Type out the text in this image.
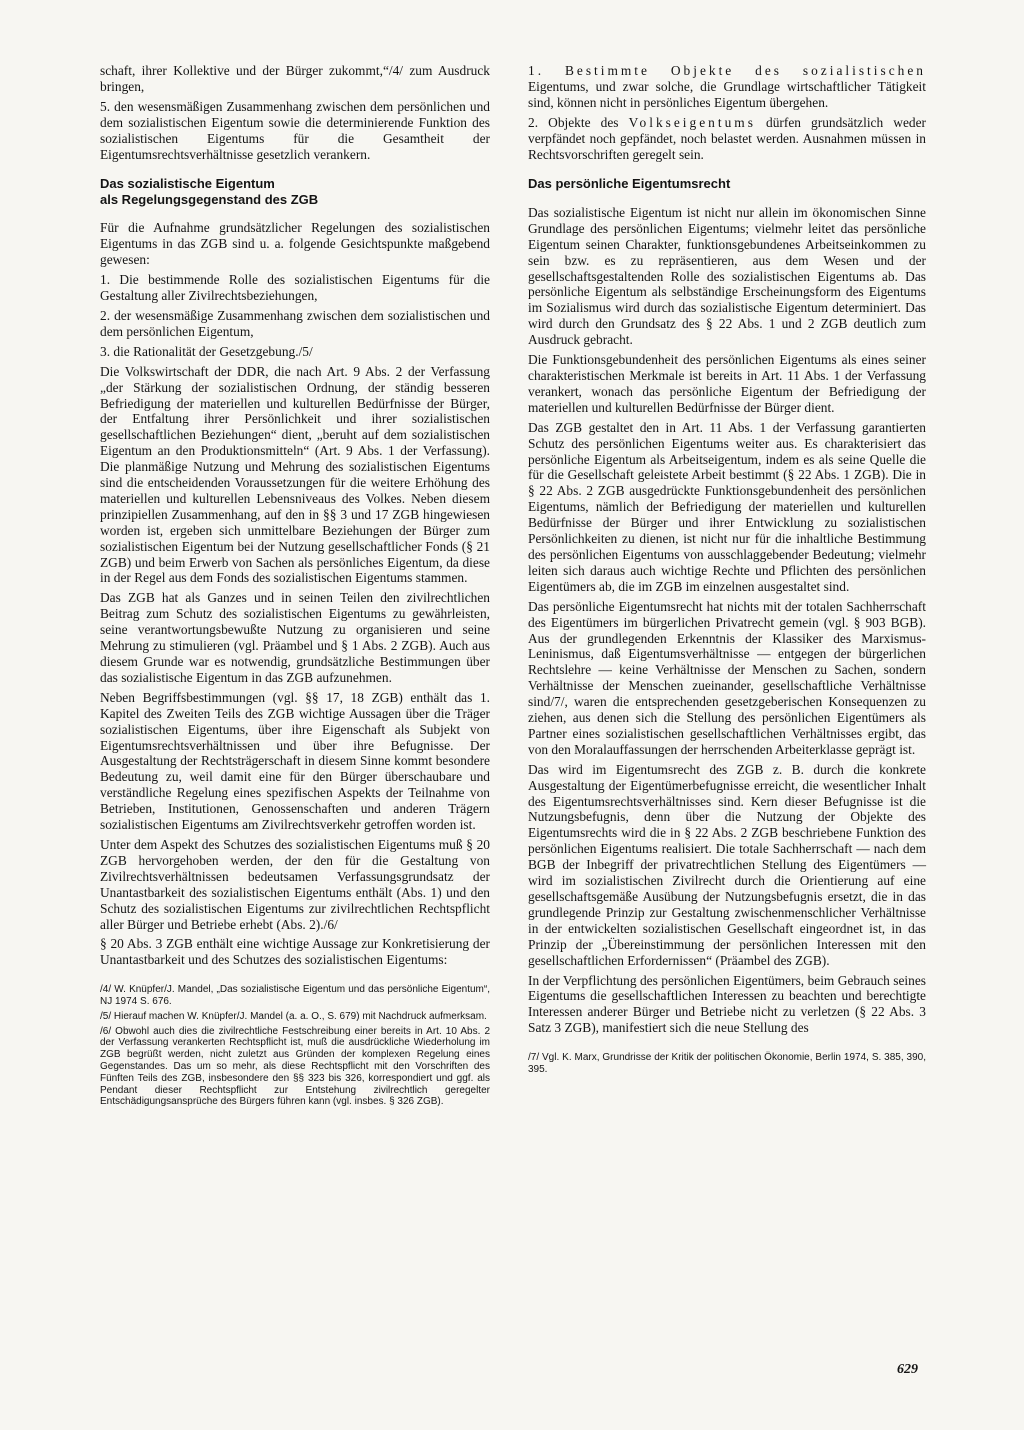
schaft, ihrer Kollektive und der Bürger zukommt,“/4/ zum Ausdruck bringen,

5. den wesensmäßigen Zusammenhang zwischen dem persönlichen und dem sozialistischen Eigentum sowie die determinierende Funktion des sozialistischen Eigentums für die Gesamtheit der Eigentumsrechtsverhältnisse gesetzlich verankern.

Das sozialistische Eigentum
als Regelungsgegenstand des ZGB

Für die Aufnahme grundsätzlicher Regelungen des sozialistischen Eigentums in das ZGB sind u. a. folgende Gesichtspunkte maßgebend gewesen:

1. Die bestimmende Rolle des sozialistischen Eigentums für die Gestaltung aller Zivilrechtsbeziehungen,

2. der wesensmäßige Zusammenhang zwischen dem sozialistischen und dem persönlichen Eigentum,

3. die Rationalität der Gesetzgebung./5/

Die Volkswirtschaft der DDR, die nach Art. 9 Abs. 2 der Verfassung „der Stärkung der sozialistischen Ordnung, der ständig besseren Befriedigung der materiellen und kulturellen Bedürfnisse der Bürger, der Entfaltung ihrer Persönlichkeit und ihrer sozialistischen gesellschaftlichen Beziehungen“ dient, „beruht auf dem sozialistischen Eigentum an den Produktionsmitteln“ (Art. 9 Abs. 1 der Verfassung). Die planmäßige Nutzung und Mehrung des sozialistischen Eigentums sind die entscheidenden Voraussetzungen für die weitere Erhöhung des materiellen und kulturellen Lebensniveaus des Volkes. Neben diesem prinzipiellen Zusammenhang, auf den in §§ 3 und 17 ZGB hingewiesen worden ist, ergeben sich unmittelbare Beziehungen der Bürger zum sozialistischen Eigentum bei der Nutzung gesellschaftlicher Fonds (§ 21 ZGB) und beim Erwerb von Sachen als persönliches Eigentum, da diese in der Regel aus dem Fonds des sozialistischen Eigentums stammen.

Das ZGB hat als Ganzes und in seinen Teilen den zivilrechtlichen Beitrag zum Schutz des sozialistischen Eigentums zu gewährleisten, seine verantwortungsbewußte Nutzung zu organisieren und seine Mehrung zu stimulieren (vgl. Präambel und § 1 Abs. 2 ZGB). Auch aus diesem Grunde war es notwendig, grundsätzliche Bestimmungen über das sozialistische Eigentum in das ZGB aufzunehmen.

Neben Begriffsbestimmungen (vgl. §§ 17, 18 ZGB) enthält das 1. Kapitel des Zweiten Teils des ZGB wichtige Aussagen über die Träger sozialistischen Eigentums, über ihre Eigenschaft als Subjekt von Eigentumsrechtsverhältnissen und über ihre Befugnisse. Der Ausgestaltung der Rechtsträgerschaft in diesem Sinne kommt besondere Bedeutung zu, weil damit eine für den Bürger überschaubare und verständliche Regelung eines spezifischen Aspekts der Teilnahme von Betrieben, Institutionen, Genossenschaften und anderen Trägern sozialistischen Eigentums am Zivilrechtsverkehr getroffen worden ist.

Unter dem Aspekt des Schutzes des sozialistischen Eigentums muß § 20 ZGB hervorgehoben werden, der den für die Gestaltung von Zivilrechtsverhältnissen bedeutsamen Verfassungsgrundsatz der Unantastbarkeit des sozialistischen Eigentums enthält (Abs. 1) und den Schutz des sozialistischen Eigentums zur zivilrechtlichen Rechtspflicht aller Bürger und Betriebe erhebt (Abs. 2)./6/

§ 20 Abs. 3 ZGB enthält eine wichtige Aussage zur Konkretisierung der Unantastbarkeit und des Schutzes des sozialistischen Eigentums:

/4/ W. Knüpfer/J. Mandel, „Das sozialistische Eigentum und das persönliche Eigentum“, NJ 1974 S. 676.

/5/ Hierauf machen W. Knüpfer/J. Mandel (a. a. O., S. 679) mit Nachdruck aufmerksam.

/6/ Obwohl auch dies die zivilrechtliche Festschreibung einer bereits in Art. 10 Abs. 2 der Verfassung verankerten Rechtspflicht ist, muß die ausdrückliche Wiederholung im ZGB begrüßt werden, nicht zuletzt aus Gründen der komplexen Regelung eines Gegenstandes. Das um so mehr, als diese Rechtspflicht mit den Vorschriften des Fünften Teils des ZGB, insbesondere den §§ 323 bis 326, korrespondiert und ggf. als Pendant dieser Rechtspflicht zur Entstehung zivilrechtlich geregelter Entschädigungsansprüche des Bürgers führen kann (vgl. insbes. § 326 ZGB).

1. Bestimmte Objekte des sozialistischen Eigentums, und zwar solche, die Grundlage wirtschaftlicher Tätigkeit sind, können nicht in persönliches Eigentum übergehen.

2. Objekte des Volkseigentums dürfen grundsätzlich weder verpfändet noch gepfändet, noch belastet werden. Ausnahmen müssen in Rechtsvorschriften geregelt sein.

Das persönliche Eigentumsrecht

Das sozialistische Eigentum ist nicht nur allein im ökonomischen Sinne Grundlage des persönlichen Eigentums; vielmehr leitet das persönliche Eigentum seinen Charakter, funktionsgebundenes Arbeitseinkommen zu sein bzw. es zu repräsentieren, aus dem Wesen und der gesellschaftsgestaltenden Rolle des sozialistischen Eigentums ab. Das persönliche Eigentum als selbständige Erscheinungsform des Eigentums im Sozialismus wird durch das sozialistische Eigentum determiniert. Das wird durch den Grundsatz des § 22 Abs. 1 und 2 ZGB deutlich zum Ausdruck gebracht.

Die Funktionsgebundenheit des persönlichen Eigentums als eines seiner charakteristischen Merkmale ist bereits in Art. 11 Abs. 1 der Verfassung verankert, wonach das persönliche Eigentum der Befriedigung der materiellen und kulturellen Bedürfnisse der Bürger dient.

Das ZGB gestaltet den in Art. 11 Abs. 1 der Verfassung garantierten Schutz des persönlichen Eigentums weiter aus. Es charakterisiert das persönliche Eigentum als Arbeitseigentum, indem es als seine Quelle die für die Gesellschaft geleistete Arbeit bestimmt (§ 22 Abs. 1 ZGB). Die in § 22 Abs. 2 ZGB ausgedrückte Funktionsgebundenheit des persönlichen Eigentums, nämlich der Befriedigung der materiellen und kulturellen Bedürfnisse der Bürger und ihrer Entwicklung zu sozialistischen Persönlichkeiten zu dienen, ist nicht nur für die inhaltliche Bestimmung des persönlichen Eigentums von ausschlaggebender Bedeutung; vielmehr leiten sich daraus auch wichtige Rechte und Pflichten des persönlichen Eigentümers ab, die im ZGB im einzelnen ausgestaltet sind.

Das persönliche Eigentumsrecht hat nichts mit der totalen Sachherrschaft des Eigentümers im bürgerlichen Privatrecht gemein (vgl. § 903 BGB). Aus der grundlegenden Erkenntnis der Klassiker des Marxismus-Leninismus, daß Eigentumsverhältnisse — entgegen der bürgerlichen Rechtslehre — keine Verhältnisse der Menschen zu Sachen, sondern Verhältnisse der Menschen zueinander, gesellschaftliche Verhältnisse sind/7/, waren die entsprechenden gesetzgeberischen Konsequenzen zu ziehen, aus denen sich die Stellung des persönlichen Eigentümers als Partner eines sozialistischen gesellschaftlichen Verhältnisses ergibt, das von den Moralauffassungen der herrschenden Arbeiterklasse geprägt ist.

Das wird im Eigentumsrecht des ZGB z. B. durch die konkrete Ausgestaltung der Eigentümerbefugnisse erreicht, die wesentlicher Inhalt des Eigentumsrechtsverhältnisses sind. Kern dieser Befugnisse ist die Nutzungsbefugnis, denn über die Nutzung der Objekte des Eigentumsrechts wird die in § 22 Abs. 2 ZGB beschriebene Funktion des persönlichen Eigentums realisiert. Die totale Sachherrschaft — nach dem BGB der Inbegriff der privatrechtlichen Stellung des Eigentümers — wird im sozialistischen Zivilrecht durch die Orientierung auf eine gesellschaftsgemäße Ausübung der Nutzungsbefugnis ersetzt, die in das grundlegende Prinzip zur Gestaltung zwischenmenschlicher Verhältnisse in der entwickelten sozialistischen Gesellschaft eingeordnet ist, in das Prinzip der „Übereinstimmung der persönlichen Interessen mit den gesellschaftlichen Erfordernissen“ (Präambel des ZGB).

In der Verpflichtung des persönlichen Eigentümers, beim Gebrauch seines Eigentums die gesellschaftlichen Interessen zu beachten und berechtigte Interessen anderer Bürger und Betriebe nicht zu verletzen (§ 22 Abs. 3 Satz 3 ZGB), manifestiert sich die neue Stellung des

/7/ Vgl. K. Marx, Grundrisse der Kritik der politischen Ökonomie, Berlin 1974, S. 385, 390, 395.

629
